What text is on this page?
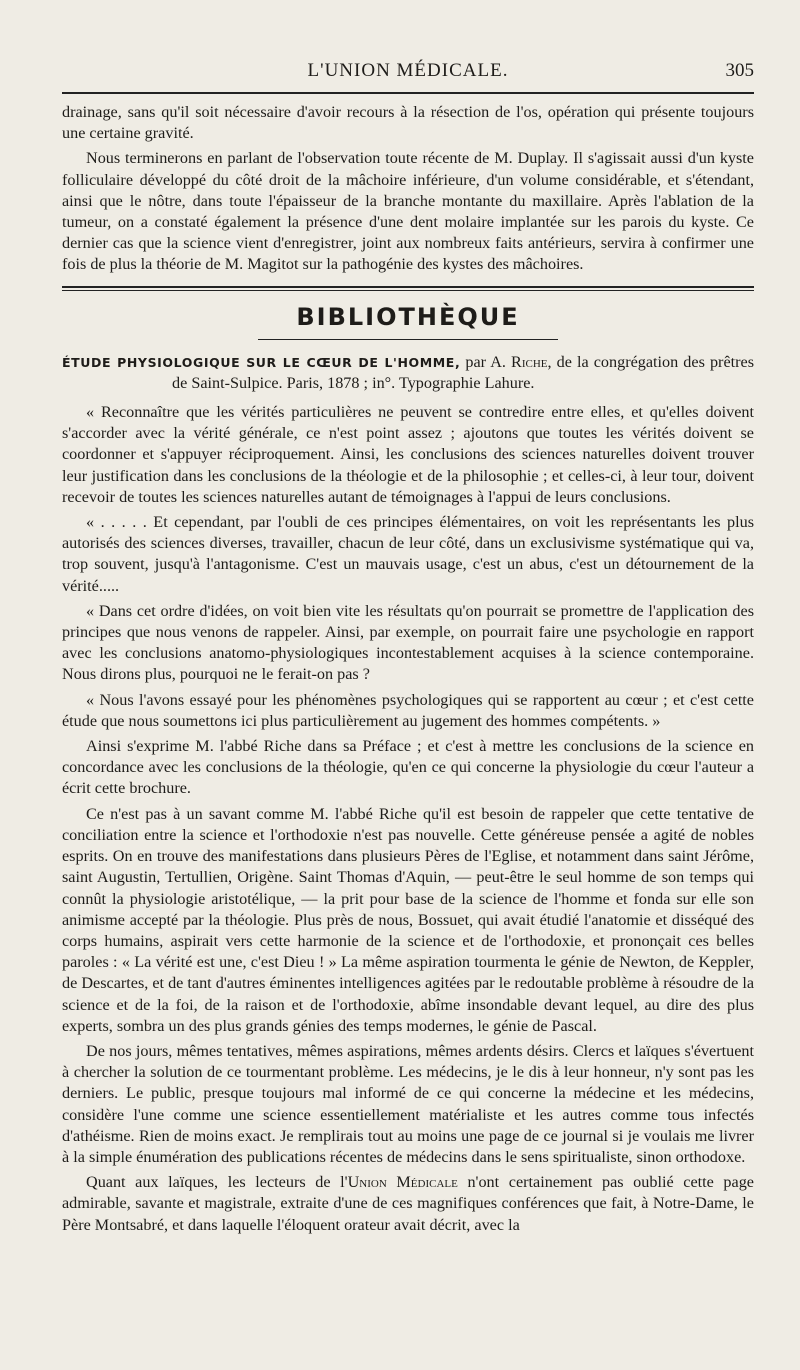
L'UNION MÉDICALE.	305

drainage, sans qu'il soit nécessaire d'avoir recours à la résection de l'os, opération qui présente toujours une certaine gravité.

Nous terminerons en parlant de l'observation toute récente de M. Duplay. Il s'agissait aussi d'un kyste folliculaire développé du côté droit de la mâchoire inférieure, d'un volume considérable, et s'étendant, ainsi que le nôtre, dans toute l'épaisseur de la branche montante du maxillaire. Après l'ablation de la tumeur, on a constaté également la présence d'une dent molaire implantée sur les parois du kyste. Ce dernier cas que la science vient d'enregistrer, joint aux nombreux faits antérieurs, servira à confirmer une fois de plus la théorie de M. Magitot sur la pathogénie des kystes des mâchoires.

BIBLIOTHÈQUE

ÉTUDE PHYSIOLOGIQUE SUR LE CŒUR DE L'HOMME, par A. Riche, de la congrégation des prêtres de Saint-Sulpice. Paris, 1878 ; in°. Typographie Lahure.

« Reconnaître que les vérités particulières ne peuvent se contredire entre elles, et qu'elles doivent s'accorder avec la vérité générale, ce n'est point assez ; ajoutons que toutes les vérités doivent se coordonner et s'appuyer réciproquement. Ainsi, les conclusions des sciences naturelles doivent trouver leur justification dans les conclusions de la théologie et de la philosophie ; et celles-ci, à leur tour, doivent recevoir de toutes les sciences naturelles autant de témoignages à l'appui de leurs conclusions.

« . . . . . Et cependant, par l'oubli de ces principes élémentaires, on voit les représentants les plus autorisés des sciences diverses, travailler, chacun de leur côté, dans un exclusivisme systématique qui va, trop souvent, jusqu'à l'antagonisme. C'est un mauvais usage, c'est un abus, c'est un détournement de la vérité.....

« Dans cet ordre d'idées, on voit bien vite les résultats qu'on pourrait se promettre de l'application des principes que nous venons de rappeler. Ainsi, par exemple, on pourrait faire une psychologie en rapport avec les conclusions anatomo-physiologiques incontestablement acquises à la science contemporaine. Nous dirons plus, pourquoi ne le ferait-on pas ?

« Nous l'avons essayé pour les phénomènes psychologiques qui se rapportent au cœur ; et c'est cette étude que nous soumettons ici plus particulièrement au jugement des hommes compétents. »

Ainsi s'exprime M. l'abbé Riche dans sa Préface ; et c'est à mettre les conclusions de la science en concordance avec les conclusions de la théologie, qu'en ce qui concerne la physiologie du cœur l'auteur a écrit cette brochure.

Ce n'est pas à un savant comme M. l'abbé Riche qu'il est besoin de rappeler que cette tentative de conciliation entre la science et l'orthodoxie n'est pas nouvelle. Cette généreuse pensée a agité de nobles esprits. On en trouve des manifestations dans plusieurs Pères de l'Eglise, et notamment dans saint Jérôme, saint Augustin, Tertullien, Origène. Saint Thomas d'Aquin, — peut-être le seul homme de son temps qui connût la physiologie aristotélique, — la prit pour base de la science de l'homme et fonda sur elle son animisme accepté par la théologie. Plus près de nous, Bossuet, qui avait étudié l'anatomie et disséqué des corps humains, aspirait vers cette harmonie de la science et de l'orthodoxie, et prononçait ces belles paroles : « La vérité est une, c'est Dieu ! » La même aspiration tourmenta le génie de Newton, de Keppler, de Descartes, et de tant d'autres éminentes intelligences agitées par le redoutable problème à résoudre de la science et de la foi, de la raison et de l'orthodoxie, abîme insondable devant lequel, au dire des plus experts, sombra un des plus grands génies des temps modernes, le génie de Pascal.

De nos jours, mêmes tentatives, mêmes aspirations, mêmes ardents désirs. Clercs et laïques s'évertuent à chercher la solution de ce tourmentant problème. Les médecins, je le dis à leur honneur, n'y sont pas les derniers. Le public, presque toujours mal informé de ce qui concerne la médecine et les médecins, considère l'une comme une science essentiellement matérialiste et les autres comme tous infectés d'athéisme. Rien de moins exact. Je remplirais tout au moins une page de ce journal si je voulais me livrer à la simple énumération des publications récentes de médecins dans le sens spiritualiste, sinon orthodoxe.

Quant aux laïques, les lecteurs de l'Union Médicale n'ont certainement pas oublié cette page admirable, savante et magistrale, extraite d'une de ces magnifiques conférences que fait, à Notre-Dame, le Père Montsabré, et dans laquelle l'éloquent orateur avait décrit, avec la
